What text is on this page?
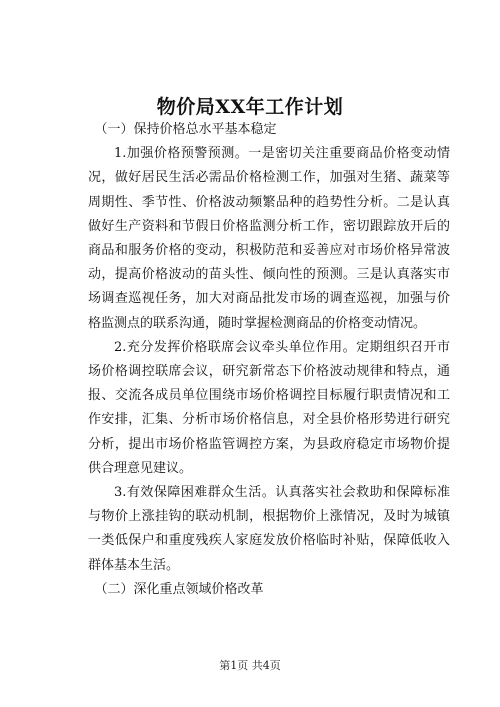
物价局XX年工作计划

（一）保持价格总水平基本稳定

1.加强价格预警预测。一是密切关注重要商品价格变动情况，做好居民生活必需品价格检测工作，加强对生猪、蔬菜等周期性、季节性、价格波动频繁品种的趋势性分析。二是认真做好生产资料和节假日价格监测分析工作，密切跟踪放开后的商品和服务价格的变动，积极防范和妥善应对市场价格异常波动，提高价格波动的苗头性、倾向性的预测。三是认真落实市场调查巡视任务，加大对商品批发市场的调查巡视，加强与价格监测点的联系沟通，随时掌握检测商品的价格变动情况。

2.充分发挥价格联席会议牵头单位作用。定期组织召开市场价格调控联席会议，研究新常态下价格波动规律和特点，通报、交流各成员单位围绕市场价格调控目标履行职责情况和工作安排，汇集、分析市场价格信息，对全县价格形势进行研究分析，提出市场价格监管调控方案，为县政府稳定市场物价提供合理意见建议。

3.有效保障困难群众生活。认真落实社会救助和保障标准与物价上涨挂钩的联动机制，根据物价上涨情况，及时为城镇一类低保户和重度残疾人家庭发放价格临时补贴，保障低收入群体基本生活。

（二）深化重点领域价格改革

第1页 共4页
